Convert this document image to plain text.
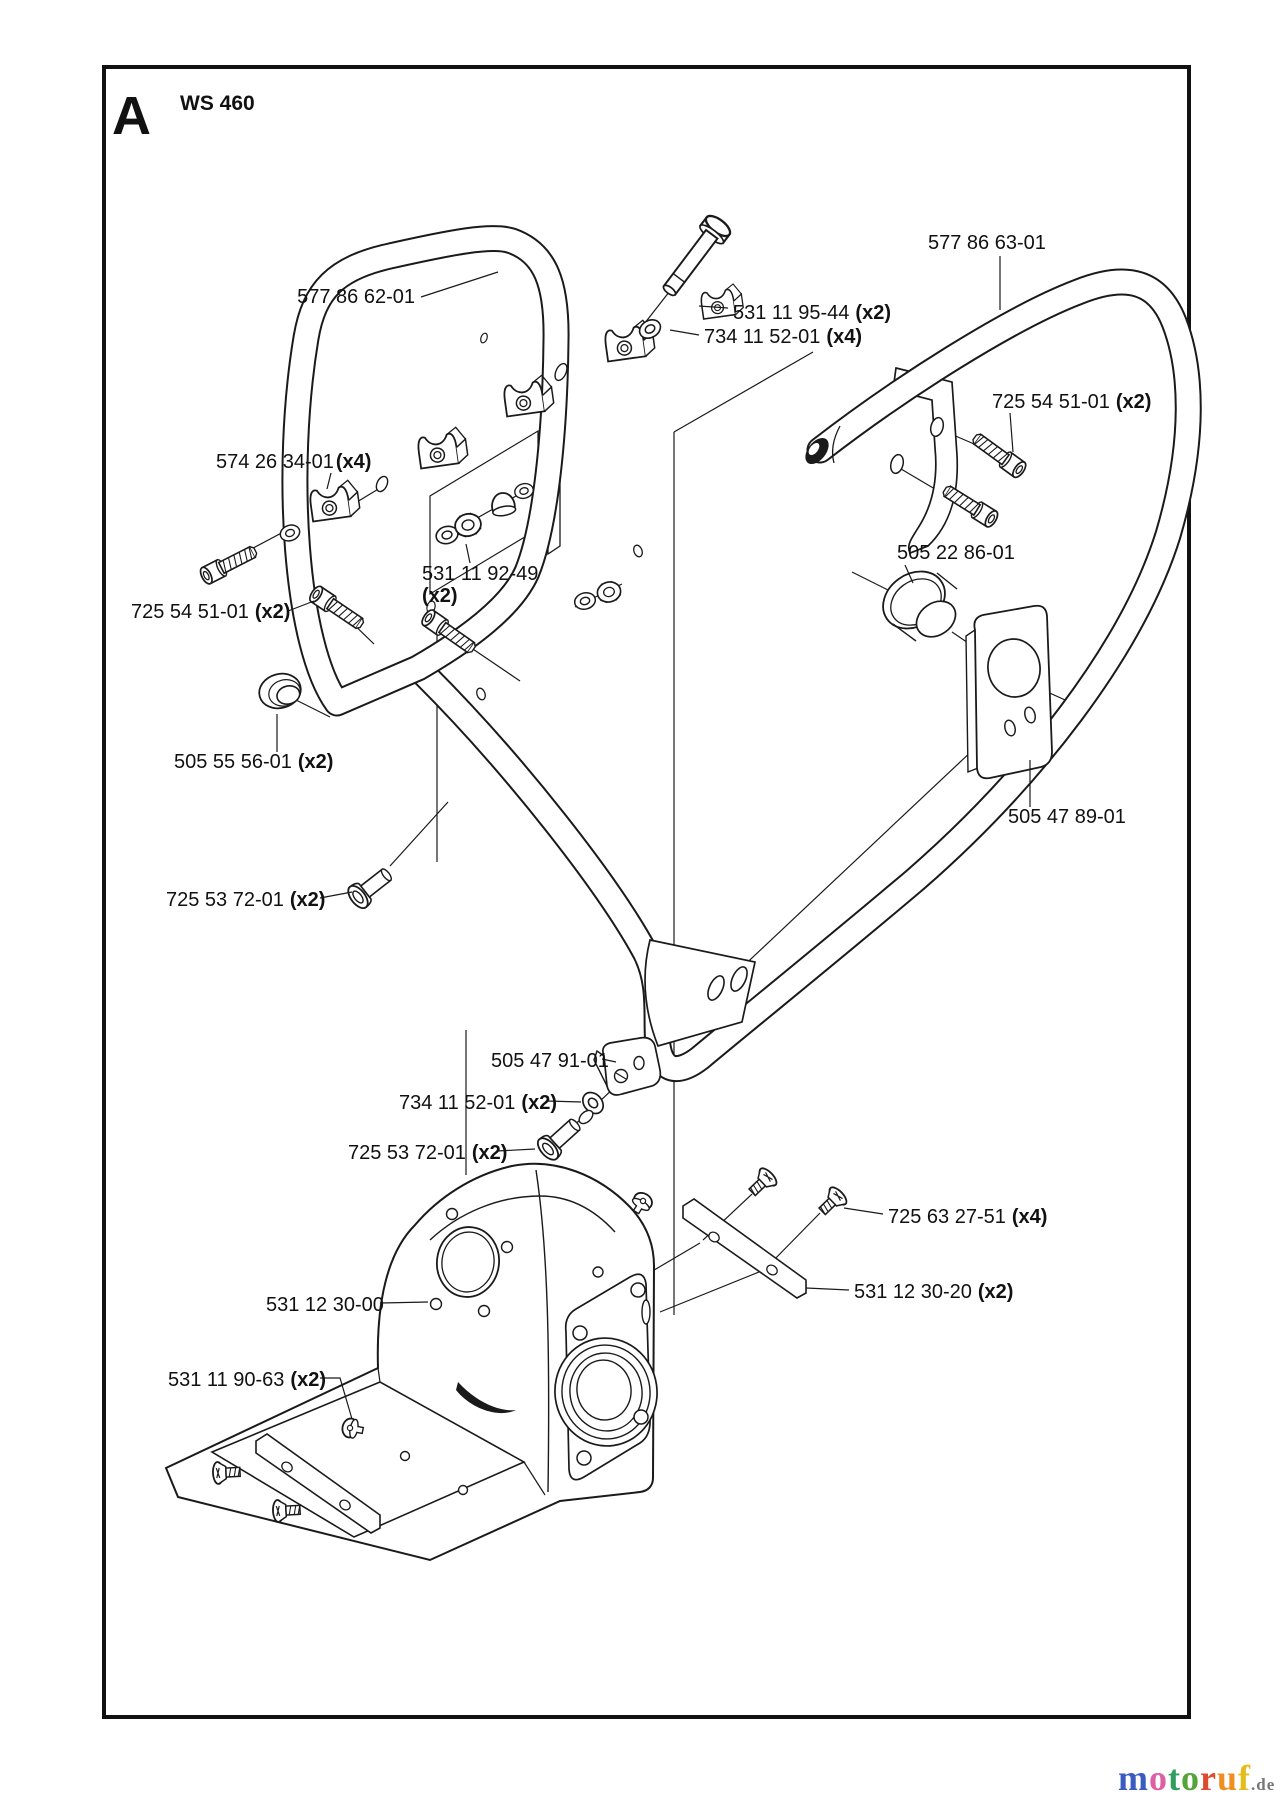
A WS 460
577 86 62-01
577 86 63-01
531 11 95-44 (x2)
734 11 52-01 (x4)
725 54 51-01 (x2)
574 26 34-01 (x4)
531 11 92-49
(x2)
725 54 51-01 (x2)
505 22 86-01
505 47 89-01
505 55 56-01 (x2)
725 53 72-01 (x2)
505 47 91-01
734 11 52-01 (x2)
725 53 72-01 (x2)
725 63 27-51 (x4)
531 12 30-20 (x2)
531 12 30-00
531 11 90-63 (x2)
motoruf.de
